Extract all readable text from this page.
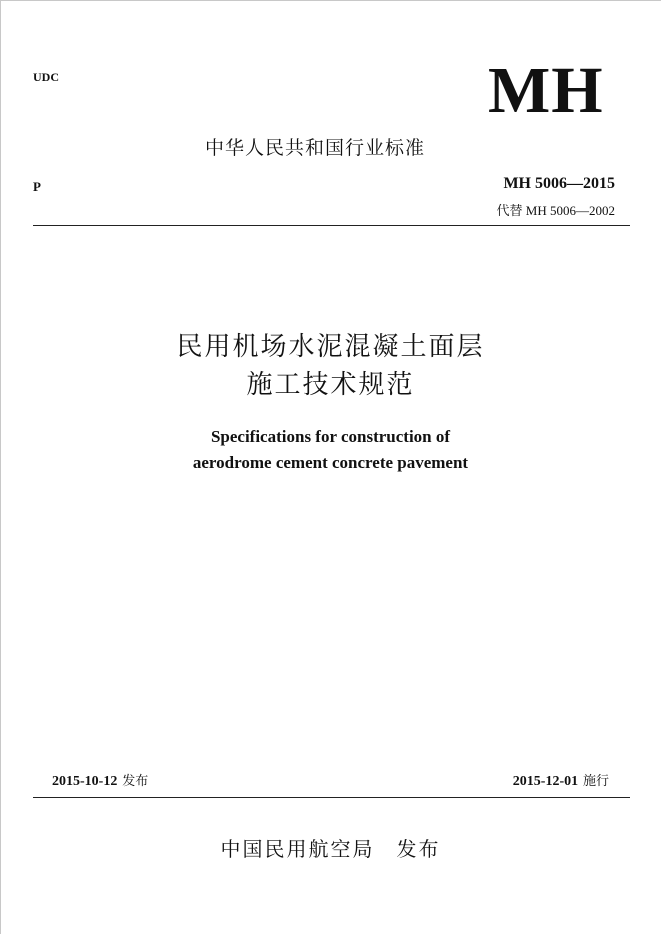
UDC	MH
中华人民共和国行业标准
P	MH 5006—2015
代替 MH 5006—2002
民用机场水泥混凝土面层
施工技术规范
Specifications for construction of
aerodrome cement concrete pavement
2015-10-12 发布	2015-12-01 施行
中国民用航空局 发布
